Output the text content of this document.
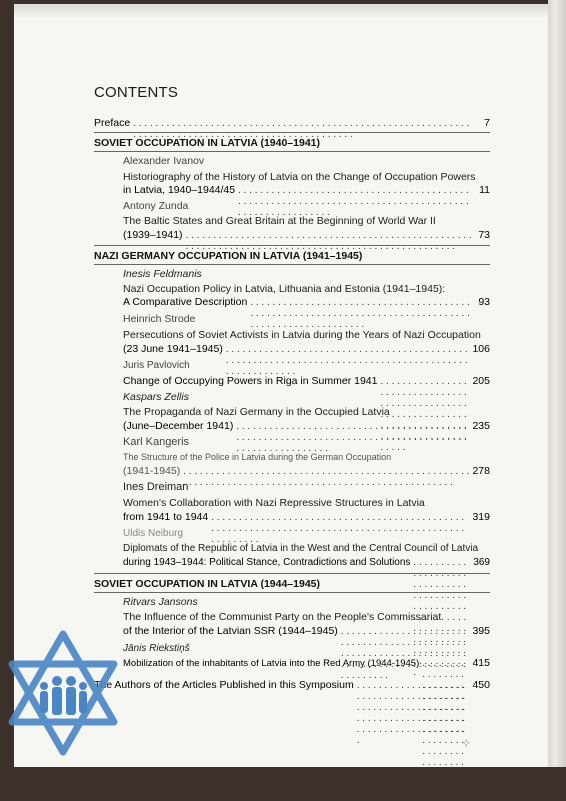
CONTENTS
Preface . . .	7
SOVIET OCCUPATION IN LATVIA (1940–1941)
Alexander Ivanov
Historiography of the History of Latvia on the Change of Occupation Powers
in Latvia, 1940–1944/45 . . .	11
Antony Zunda
The Baltic States and Great Britain at the Beginning of World War II
(1939–1941) . . .	73
NAZI GERMANY OCCUPATION IN LATVIA (1941–1945)
Inesis Feldmanis
Nazi Occupation Policy in Latvia, Lithuania and Estonia (1941–1945):
A Comparative Description . . .	93
Heinrich Strode
Persecutions of Soviet Activists in Latvia during the Years of Nazi Occupation
(23 June 1941–1945) . . .	106
Juris Pavlovich
Change of Occupying Powers in Riga in Summer 1941 . . .	205
Kaspars Zellis
The Propaganda of Nazi Germany in the Occupied Latvia
(June–December 1941) . . .	235
Karl Kangeris
The Structure of the Police in Latvia during the German Occupation
(1941-1945) . . .	278
Ines Dreiman
Women's Collaboration with Nazi Repressive Structures in Latvia
from 1941 to 1944 . . .	319
Uldis Neiburg
Diplomats of the Republic of Latvia in the West and the Central Council of Latvia
during 1943–1944: Political Stance, Contradictions and Solutions . . .	369
SOVIET OCCUPATION IN LATVIA (1944–1945)
Ritvars Jansons
The Influence of the Communist Party on the People's Commissariat
of the Interior of the Latvian SSR (1944–1945) . . .	395
Jānis Riekstiņš
Mobilization of the inhabitants of Latvia into the Red Army (1944-1945) . . .	415
The Authors of the Articles Published in this Symposium . . .	450
⊹
